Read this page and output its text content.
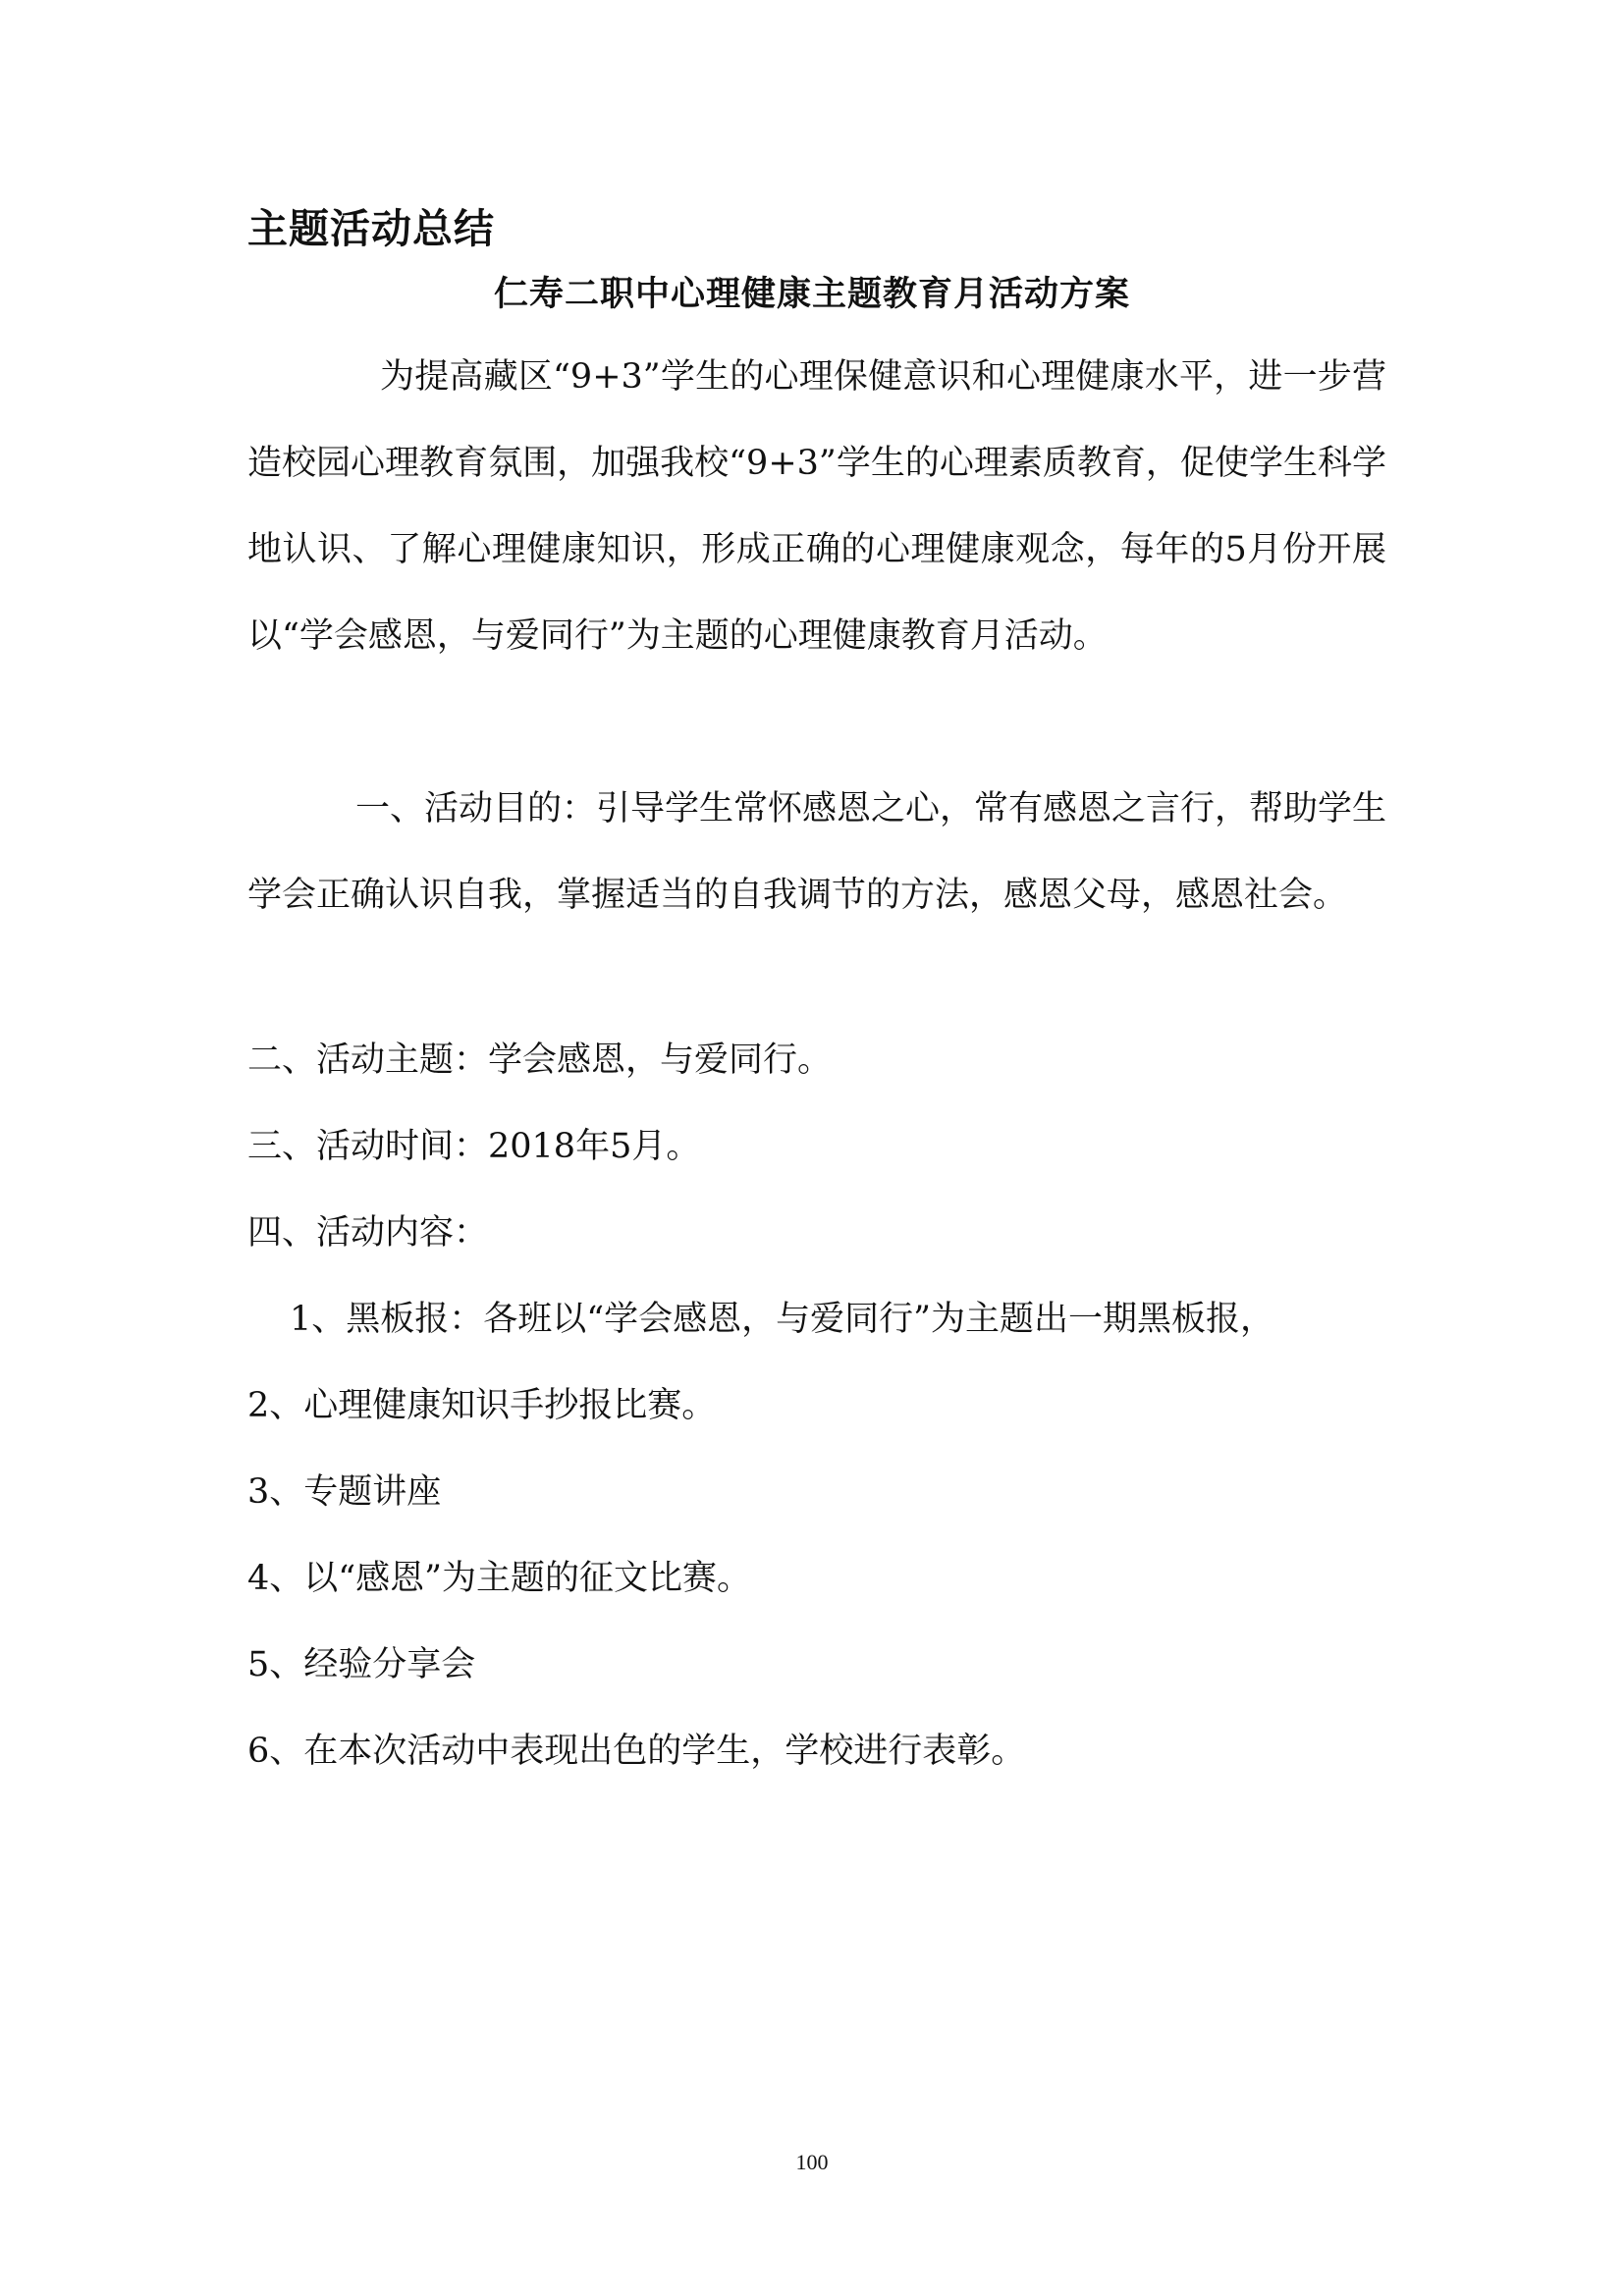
主题活动总结
仁寿二职中心理健康主题教育月活动方案

为提高藏区“9+3”学生的心理保健意识和心理健康水平，进一步营造校园心理教育氛围，加强我校“9+3”学生的心理素质教育，促使学生科学地认识、了解心理健康知识，形成正确的心理健康观念，每年的5月份开展以“学会感恩，与爱同行”为主题的心理健康教育月活动。

一、活动目的：引导学生常怀感恩之心，常有感恩之言行，帮助学生学会正确认识自我，掌握适当的自我调节的方法，感恩父母，感恩社会。

二、活动主题：学会感恩，与爱同行。
三、活动时间：2018年5月。
四、活动内容：
1、黑板报：各班以“学会感恩，与爱同行”为主题出一期黑板报，
2、心理健康知识手抄报比赛。
3、专题讲座
4、以“感恩”为主题的征文比赛。
5、经验分享会
6、在本次活动中表现出色的学生，学校进行表彰。
100
